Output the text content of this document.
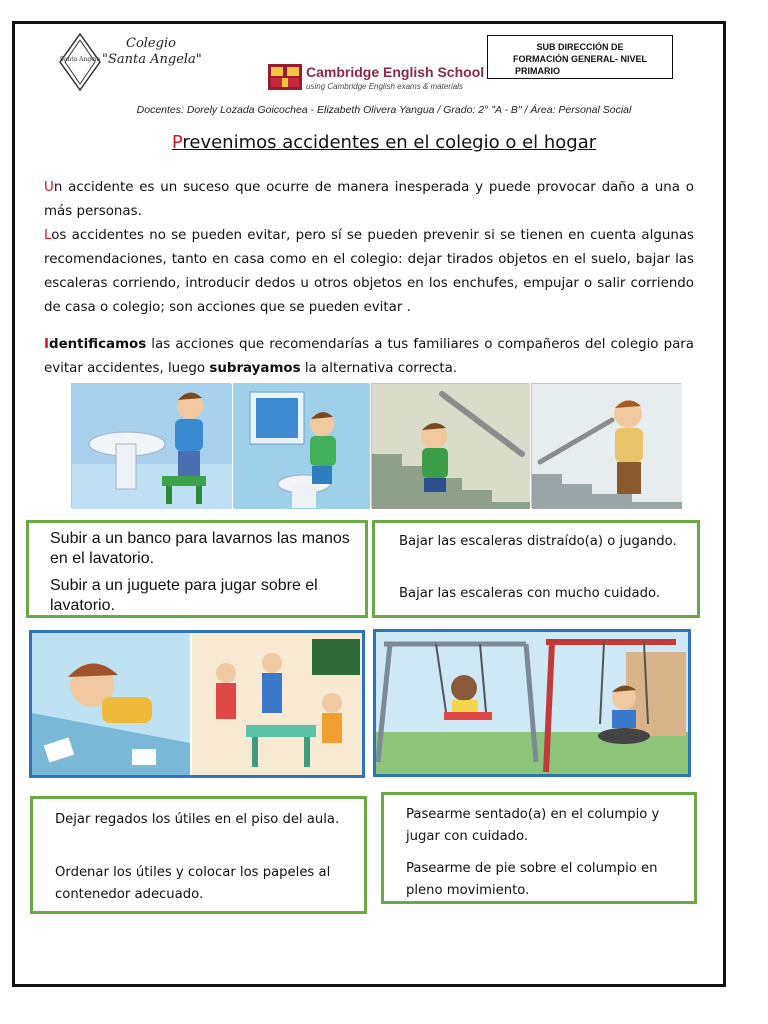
Santa Angela
Colegio
"Santa Angela"
Cambridge English School
using Cambridge English exams & materials
SUB DIRECCIÓN DE
FORMACIÓN GENERAL- NIVEL
PRIMARIO
Docentes: Dorely Lozada Goicochea - Elizabeth Olivera Yangua / Grado: 2° "A - B" / Área: Personal Social
Prevenimos accidentes en el colegio o el hogar
Un accidente es un suceso que ocurre de manera inesperada y puede provocar daño a una o más personas.
Los accidentes no se pueden evitar, pero sí se pueden prevenir si se tienen en cuenta algunas recomendaciones, tanto en casa como en el colegio: dejar tirados objetos en el suelo, bajar las escaleras corriendo, introducir dedos u otros objetos en los enchufes, empujar o salir corriendo de casa o colegio; son acciones que se pueden evitar .
Identificamos las acciones que recomendarías a tus familiares o compañeros del colegio para evitar accidentes, luego subrayamos la alternativa correcta.
Subir a un banco para lavarnos las manos en el lavatorio.
Subir a un juguete para jugar sobre el lavatorio.
Bajar las escaleras distraído(a) o jugando.
Bajar las escaleras con mucho cuidado.
Dejar regados los útiles en el piso del aula.
Ordenar los útiles y colocar los papeles al contenedor adecuado.
Pasearme sentado(a) en el columpio y jugar con cuidado.
Pasearme de pie sobre el columpio en pleno movimiento.
